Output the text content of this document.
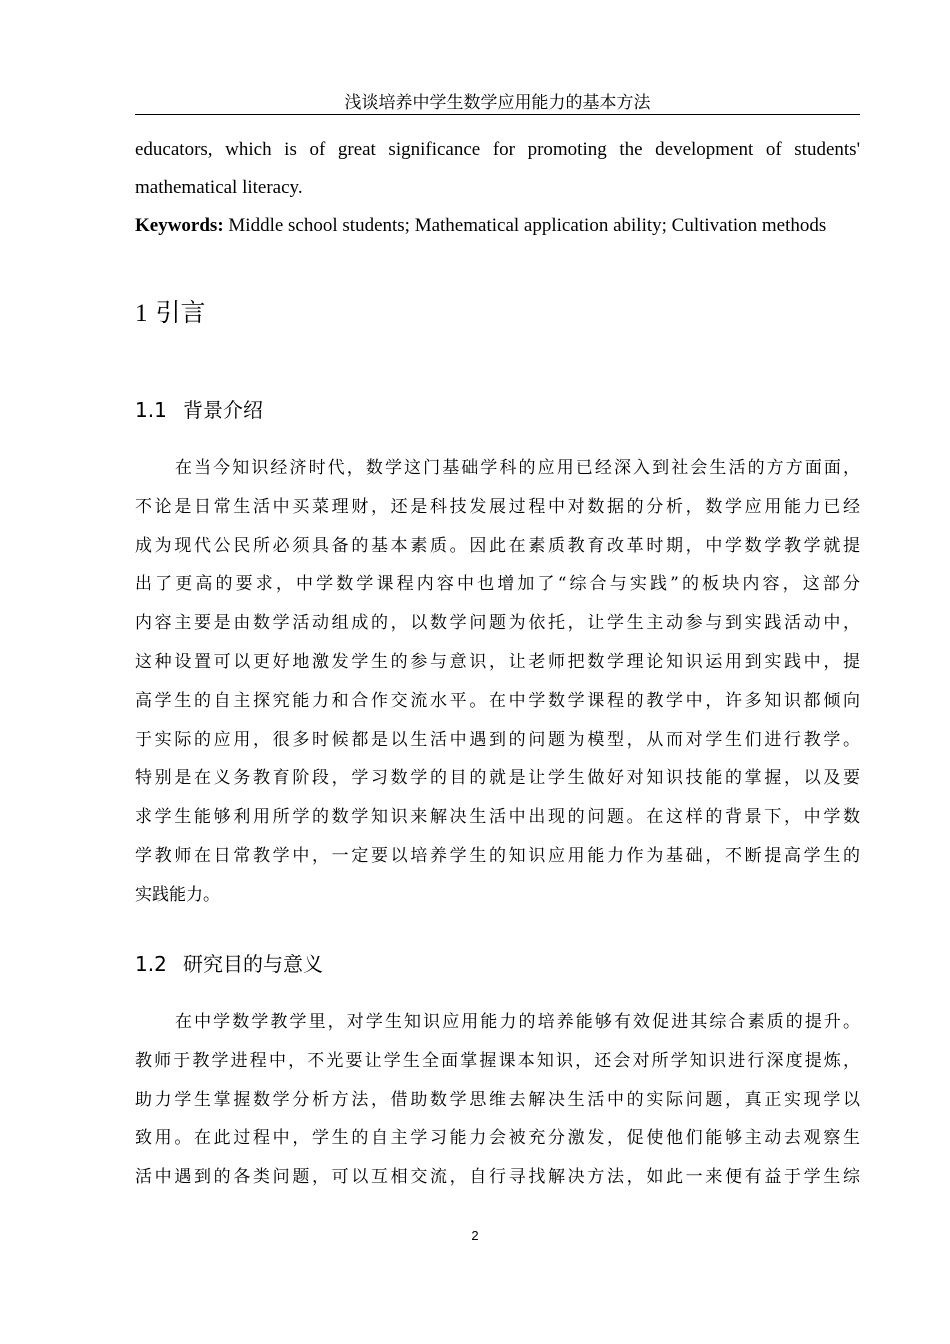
浅谈培养中学生数学应用能力的基本方法
educators, which is of great significance for promoting the development of students'
mathematical literacy.
Keywords: Middle school students; Mathematical application ability; Cultivation methods
1 引言
1.1 背景介绍
在当今知识经济时代，数学这门基础学科的应用已经深入到社会生活的方方面面，
不论是日常生活中买菜理财，还是科技发展过程中对数据的分析，数学应用能力已经
成为现代公民所必须具备的基本素质。因此在素质教育改革时期，中学数学教学就提
出了更高的要求，中学数学课程内容中也增加了“综合与实践”的板块内容，这部分
内容主要是由数学活动组成的，以数学问题为依托，让学生主动参与到实践活动中，
这种设置可以更好地激发学生的参与意识，让老师把数学理论知识运用到实践中，提
高学生的自主探究能力和合作交流水平。在中学数学课程的教学中，许多知识都倾向
于实际的应用，很多时候都是以生活中遇到的问题为模型，从而对学生们进行教学。
特别是在义务教育阶段，学习数学的目的就是让学生做好对知识技能的掌握，以及要
求学生能够利用所学的数学知识来解决生活中出现的问题。在这样的背景下，中学数
学教师在日常教学中，一定要以培养学生的知识应用能力作为基础，不断提高学生的
实践能力。
1.2 研究目的与意义
在中学数学教学里，对学生知识应用能力的培养能够有效促进其综合素质的提升。
教师于教学进程中，不光要让学生全面掌握课本知识，还会对所学知识进行深度提炼，
助力学生掌握数学分析方法，借助数学思维去解决生活中的实际问题，真正实现学以
致用。在此过程中，学生的自主学习能力会被充分激发，促使他们能够主动去观察生
活中遇到的各类问题，可以互相交流，自行寻找解决方法，如此一来便有益于学生综
2
